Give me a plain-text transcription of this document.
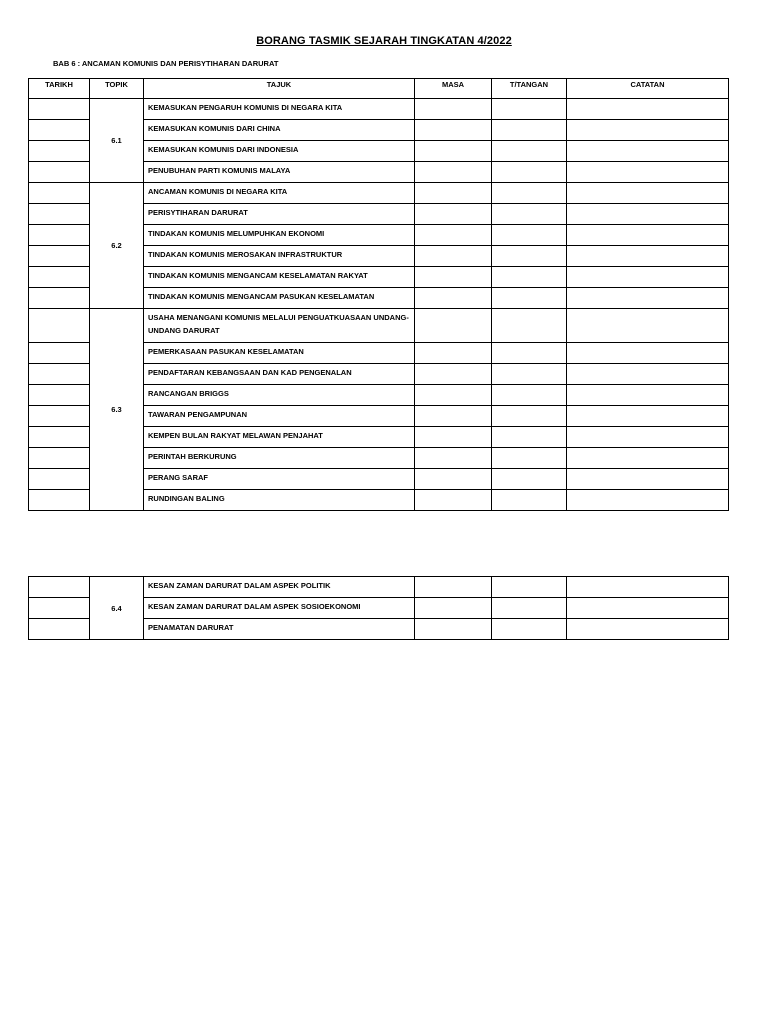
BORANG TASMIK SEJARAH TINGKATAN 4/2022
BAB 6 : ANCAMAN KOMUNIS DAN PERISYTIHARAN DARURAT
TARIKH	TOPIK	TAJUK	MASA	T/TANGAN	CATATAN
	6.1	KEMASUKAN PENGARUH KOMUNIS DI NEGARA KITA			
		KEMASUKAN KOMUNIS DARI CHINA			
		KEMASUKAN KOMUNIS DARI INDONESIA			
		PENUBUHAN PARTI KOMUNIS MALAYA			
	6.2	ANCAMAN KOMUNIS DI NEGARA KITA			
		PERISYTIHARAN DARURAT			
		TINDAKAN KOMUNIS MELUMPUHKAN EKONOMI			
		TINDAKAN KOMUNIS MEROSAKAN INFRASTRUKTUR			
		TINDAKAN KOMUNIS MENGANCAM KESELAMATAN RAKYAT			
		TINDAKAN KOMUNIS MENGANCAM PASUKAN KESELAMATAN			
	6.3	USAHA MENANGANI KOMUNIS MELALUI PENGUATKUASAAN UNDANG-UNDANG DARURAT			
		PEMERKASAAN PASUKAN KESELAMATAN			
		PENDAFTARAN KEBANGSAAN DAN KAD PENGENALAN			
		RANCANGAN BRIGGS			
		TAWARAN PENGAMPUNAN			
		KEMPEN BULAN RAKYAT MELAWAN PENJAHAT			
		PERINTAH BERKURUNG			
		PERANG SARAF			
		RUNDINGAN BALING			
	6.4	KESAN ZAMAN DARURAT DALAM ASPEK POLITIK			
		KESAN ZAMAN DARURAT DALAM ASPEK SOSIOEKONOMI			
		PENAMATAN DARURAT			
